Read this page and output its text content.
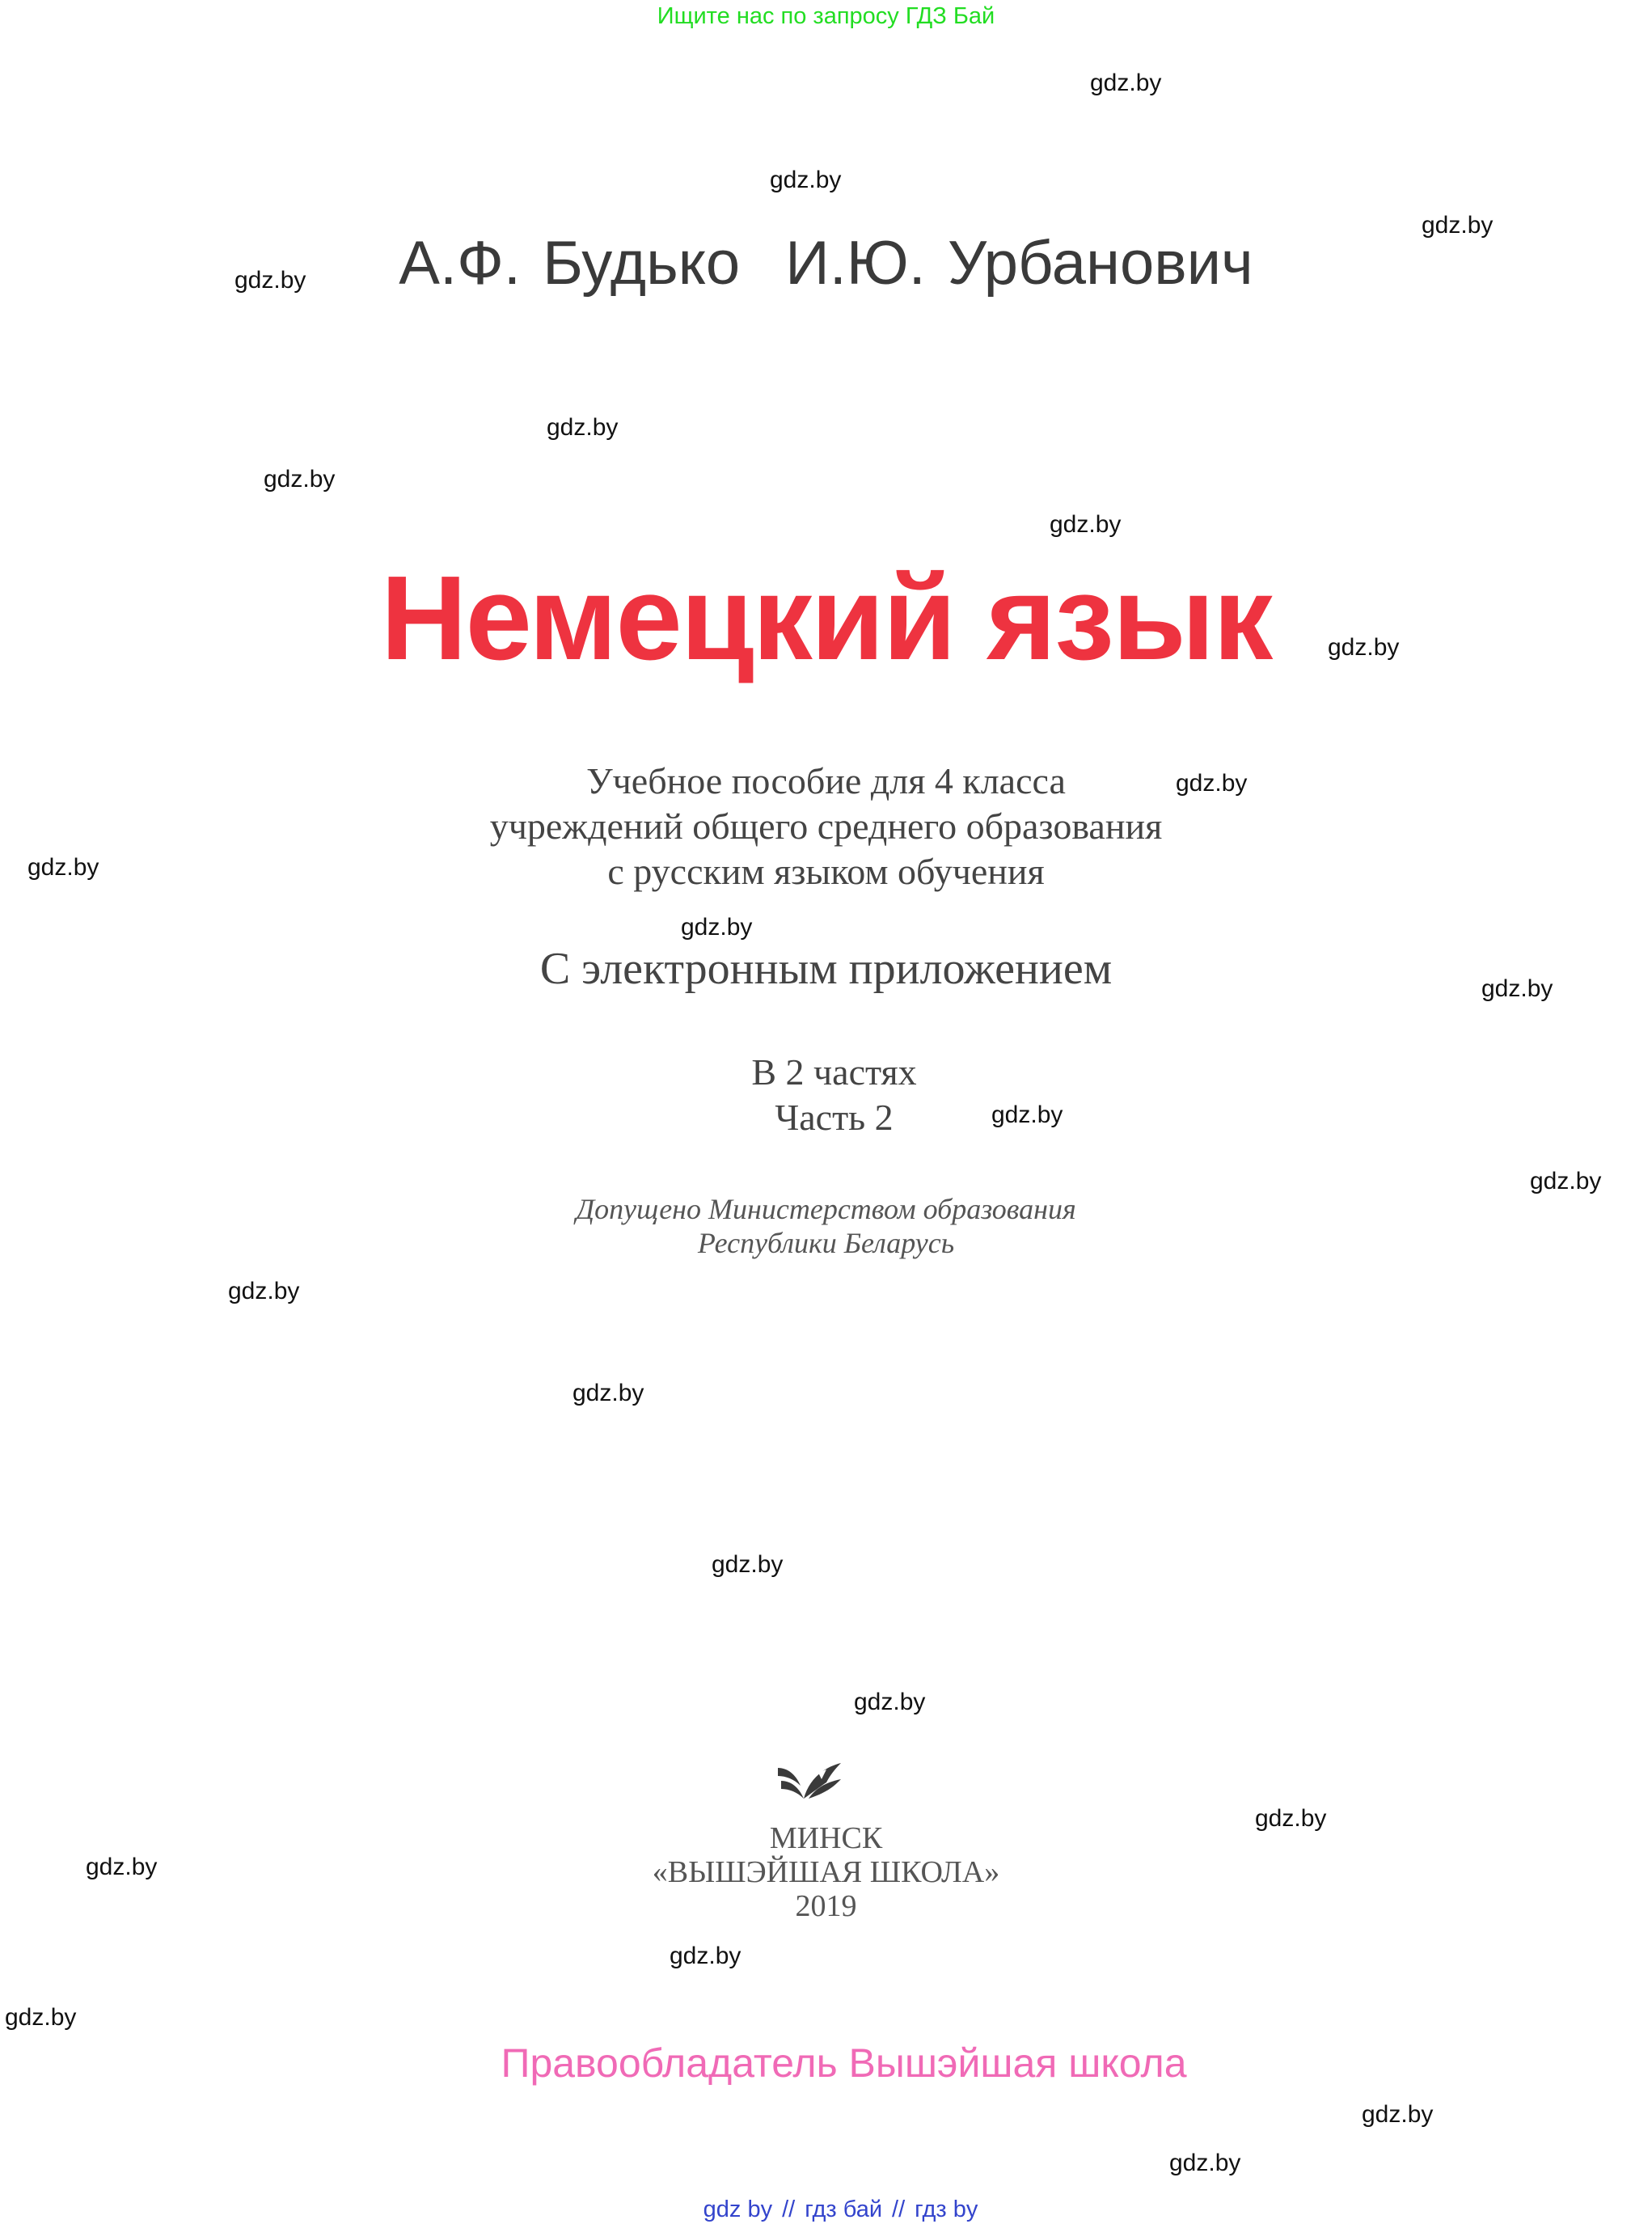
Ищите нас по запросу ГДЗ Бай
А.Ф. Будько И.Ю. Урбанович
Немецкий язык
Учебное пособие для 4 класса
учреждений общего среднего образования
с русским языком обучения
С электронным приложением
В 2 частях
Часть 2
Допущено Министерством образования
Республики Беларусь
МИНСК
«ВЫШЭЙШАЯ ШКОЛА»
2019
Правообладатель Вышэйшая школа
gdz by // гдз бай // гдз by
gdz.by
gdz.by
gdz.by
gdz.by
gdz.by
gdz.by
gdz.by
gdz.by
gdz.by
gdz.by
gdz.by
gdz.by
gdz.by
gdz.by
gdz.by
gdz.by
gdz.by
gdz.by
gdz.by
gdz.by
gdz.by
gdz.by
gdz.by
gdz.by
